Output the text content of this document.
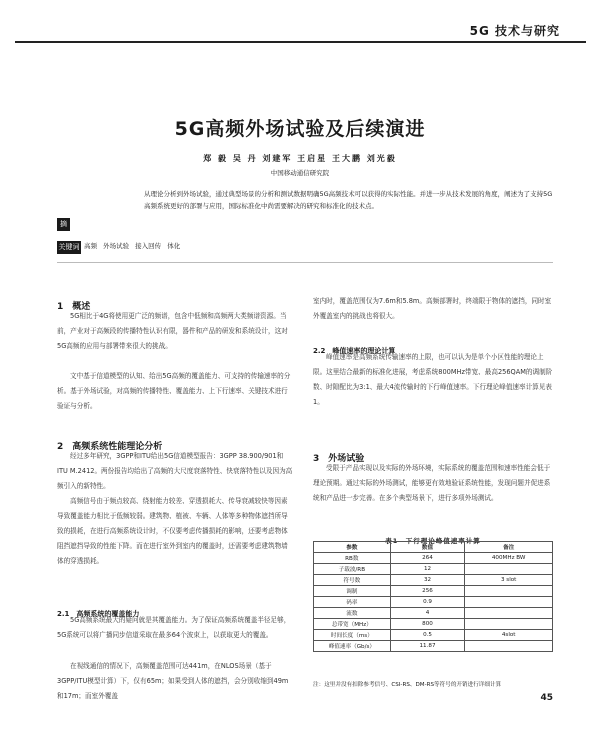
5G 技术与研究
5G高频外场试验及后续演进
郑 毅 吴 丹 刘建军 王启星 王大鹏 刘光毅
中国移动通信研究院
摘要
从理论分析到外场试验，通过典型场景的分析和测试数据明确5G高频技术可以获得的实际性能。并进一步从技术发展的角度，阐述为了支持5G高频系统更好的部署与应用，国际标准化中尚需要解决的研究和标准化的技术点。
关键词 高频 外场试验 接入回传 体化
1　概述

5G相比于4G将使用更广泛的频谱，包含中低频和高频两大类频谱资源。当前，产业对于高频段的传播特性认识有限，器件和产品的研发和系统设计，这对5G高频的应用与部署带来很大的挑战。

文中基于信道模型的认知、给出5G高频的覆盖能力、可支持的传输速率的分析。基于外场试验，对高频的传播特性、覆盖能力、上下行速率、关键技术进行验证与分析。

2　高频系统性能理论分析

经过多年研究，3GPP和ITU给出5G信道模型报告：3GPP 38.900/901和ITU M.2412。两份报告均给出了高频的大尺度衰落特性、快衰落特性以及因为高频引入的新特性。

高频信号由于频点较高、绕射能力较差、穿透损耗大、传导衰减较快等因素导致覆盖能力相比于低频较弱。建筑物、植被、车辆、人体等多种物体遮挡所导致的损耗，在进行高频系统设计时，不仅要考虑传播损耗的影响，还要考虑物体阻挡遮挡导致的性能下降。而在进行室外到室内的覆盖时，还需要考虑建筑物墙体的穿透损耗。

2.1　高频系统的覆盖能力

5G高频系统最大的疑问就是其覆盖能力。为了保证高频系统覆盖半径足够，5G系统可以将广播同步信道采取在最多64个波束上，以获取更大的覆盖。

在视线通信的情况下，高频覆盖范围可达441m，在NLOS场景（基于3GPP/ITU模型计算）下，仅有65m；如果受到人体的遮挡，会分别收缩到49m和17m；而室外覆盖

室内时，覆盖范围仅为7.6m和5.8m。高频部署时，终端限于物体的遮挡，同时室外覆盖室内的挑战也将很大。

2.2　峰值速率的理论计算

峰值速率是高频系统传输速率的上限，也可以认为是单个小区性能的理论上限。这里结合最新的标准化进展，考虑系统800MHz带宽、最高256QAM的调制阶数、时隙配比为3:1、最大4流传输时的下行峰值速率。下行理论峰值速率计算见表1。

3　外场试验

受限于产品实现以及实际的外场环境，实际系统的覆盖范围和速率性能会低于理论预期。通过实际的外场测试，能够更有效地验证系统性能，发现问题并促进系统和产品进一步完善。在多个典型场景下，进行多项外场测试。

表1　下行理论峰值速率计算
参数	数值	备注
RB数	264	400MHz BW
子载波/RB	12	
符号数	32	3 slot
调制	256	
码率	0.9	
流数	4	
总带宽（MHz）	800	
时间长度（ms）	0.5	4slot
峰值速率（Gb/s）	11.87	
注：这里并没有扣除参考信号、CSI-RS、DM-RS等符号的开销进行详细计算
45
